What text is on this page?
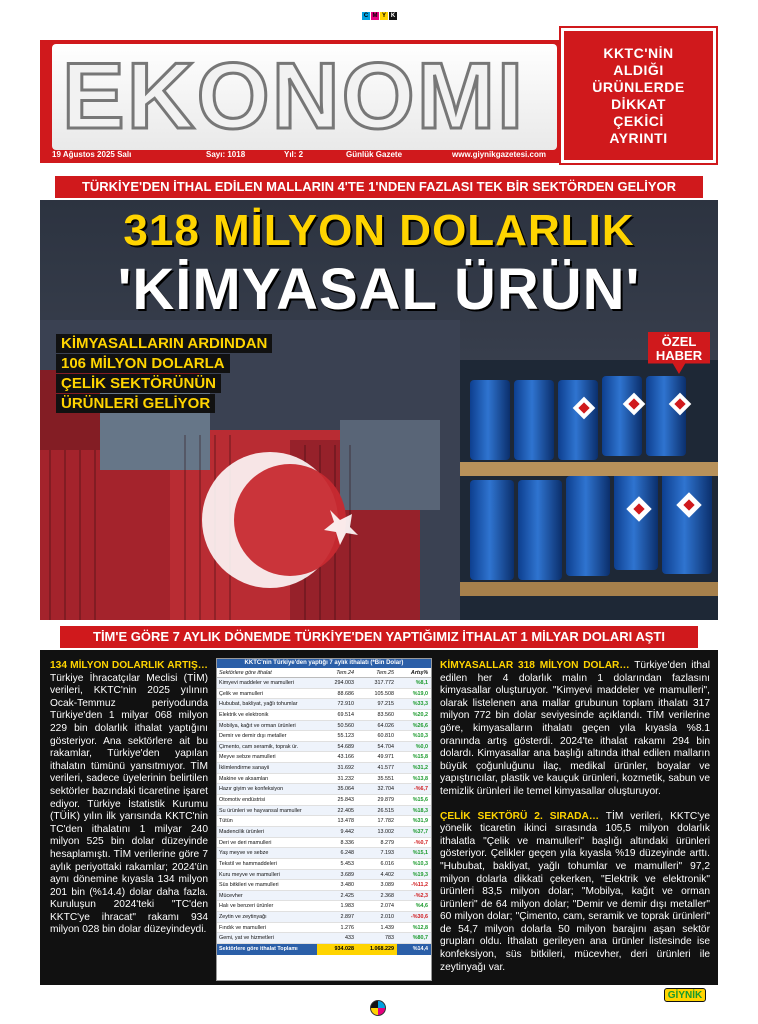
C M Y K
EKONOMI
19 Ağustos 2025 Salı	Sayı: 1018	Yıl: 2	Günlük Gazete	www.giynikgazetesi.com
KKTC'NİN
ALDIĞI
ÜRÜNLERDE
DİKKAT
ÇEKİCİ
AYRINTI
TÜRKİYE'DEN İTHAL EDİLEN MALLARIN 4'TE 1'NDEN FAZLASI TEK BİR SEKTÖRDEN GELİYOR
318 MİLYON DOLARLIK
'KİMYASAL ÜRÜN'
KİMYASALLARIN ARDINDAN
106 MİLYON DOLARLA
ÇELİK SEKTÖRÜNÜN
ÜRÜNLERİ GELİYOR
ÖZEL
HABER
TİM'E GÖRE 7 AYLIK DÖNEMDE TÜRKİYE'DEN YAPTIĞIMIZ İTHALAT 1 MİLYAR DOLARI AŞTI
134 MİLYON DOLARLIK ARTIŞ… Türkiye İhracatçılar Meclisi (TİM) verileri, KKTC'nin 2025 yılının Ocak-Temmuz periyodunda Türkiye'den 1 milyar 068 milyon 229 bin dolarlık ithalat yaptığını gösteriyor. Ana sektörlere ait bu rakamlar, Türkiye'den yapılan ithalatın tümünü yansıtmıyor. TİM verileri, sadece üyelerinin belirtilen sektörler bazındaki ticaretine işaret ediyor. Türkiye İstatistik Kurumu (TÜİK) yılın ilk yarısında KKTC'nin TC'den ithalatını 1 milyar 240 milyon 525 bin dolar düzeyinde hesaplamıştı. TİM verilerine göre 7 aylık periyottaki rakamlar; 2024'ün aynı dönemine kıyasla 134 milyon 201 bin (%14.4) dolar daha fazla. Kuruluşun 2024'teki "TC'den KKTC'ye ihracat" rakamı 934 milyon 028 bin dolar düzeyindeydi.
KKTC'nin Türkiye'den yaptığı 7 aylık ithalatı (*Bin Dolar)
Sektörlere göre ithalat	Tem.24	Tem.25	Artış%
Kimyevi maddeler ve mamulleri	294.003	317.772	%8,1
Çelik ve mamulleri	88.686	105.508	%19,0
Hububat, bakliyat, yağlı tohumlar	72.910	97.215	%33,3
Elektrik ve elektronik	69.514	83.560	%20,2
Mobilya, kağıt ve orman ürünleri	50.560	64.026	%26,6
Demir ve demir dışı metaller	55.123	60.810	%10,3
Çimento, cam seramik, toprak ür.	54.689	54.704	%0,0
Meyve sebze mamulleri	43.166	49.971	%15,8
İklimlendirme sanayii	31.692	41.577	%31,2
Makine ve aksamları	31.232	35.551	%13,8
Hazır giyim ve konfeksiyon	35.064	32.704	-%6,7
Otomotiv endüstrisi	25.843	29.879	%15,6
Su ürünleri ve hayvansal mamuller	22.405	26.515	%18,3
Tütün	13.478	17.782	%31,9
Madencilik ürünleri	9.442	13.002	%37,7
Deri ve deri mamulleri	8.336	8.279	-%0,7
Yaş meyve ve sebze	6.248	7.193	%15,1
Tekstil ve hammaddeleri	5.453	6.016	%10,3
Kuru meyve ve mamulleri	3.689	4.402	%19,3
Süs bitkileri ve mamulleri	3.480	3.089	-%11,2
Mücevher	2.425	2.368	-%2,3
Halı ve benzeri ürünler	1.983	2.074	%4,6
Zeytin ve zeytinyağı	2.897	2.010	-%30,6
Fındık ve mamulleri	1.276	1.439	%12,8
Gemi, yat ve hizmetleri	433	783	%80,7
Sektörlere göre ithalat Toplamı	934.028	1.068.229	%14,4

KİMYASALLAR 318 MİLYON DOLAR… Türkiye'den ithal edilen her 4 dolarlık malın 1 dolarından fazlasını kimyasallar oluşturuyor. "Kimyevi maddeler ve mamulleri", olarak listelenen ana mallar grubunun toplam ithalatı 317 milyon 772 bin dolar seviyesinde açıklandı. TİM verilerine göre, kimyasalların ithalatı geçen yıla kıyasla %8.1 oranında artış gösterdi. 2024'te ithalat rakamı 294 bin dolardı. Kimyasallar ana başlığı altında ithal edilen malların büyük çoğunluğunu ilaç, medikal ürünler, boyalar ve yapıştırıcılar, plastik ve kauçuk ürünleri, kozmetik, sabun ve temizlik ürünleri ile temel kimyasallar oluşturuyor.

ÇELİK SEKTÖRÜ 2. SIRADA… TİM verileri, KKTC'ye yönelik ticaretin ikinci sırasında 105,5 milyon dolarlık ithalatla "Çelik ve mamulleri" başlığı altındaki ürünleri gösteriyor. Çelikler geçen yıla kıyasla %19 düzeyinde arttı. "Hububat, bakliyat, yağlı tohumlar ve mamulleri" 97,2 milyon dolarla dikkati çekerken, "Elektrik ve elektronik" ürünleri 83,5 milyon dolar; "Mobilya, kağıt ve orman ürünleri" de 64 milyon dolar; "Demir ve demir dışı metaller" 60 milyon dolar; "Çimento, cam, seramik ve toprak ürünleri" de 54,7 milyon dolarla 50 milyon barajını aşan sektör grupları oldu. İthalatı gerileyen ana ürünler listesinde ise konfeksiyon, süs bitkileri, mücevher, deri ürünleri ile zeytinyağı var.

GİYNİK
